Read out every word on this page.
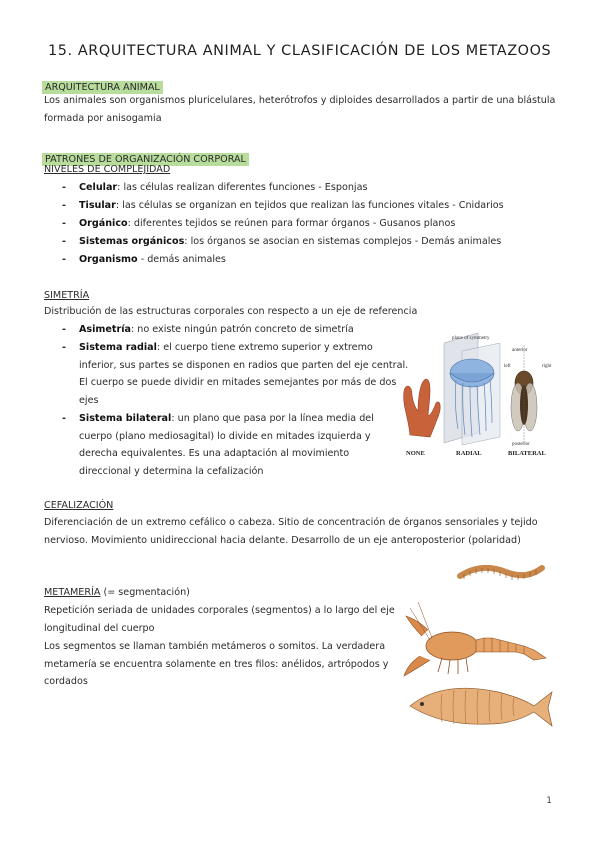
15. ARQUITECTURA ANIMAL Y CLASIFICACIÓN DE LOS METAZOOS
ARQUITECTURA ANIMAL
Los animales son organismos pluricelulares, heterótrofos y diploides desarrollados a partir de una blástula formada por anisogamia
PATRONES DE ORGANIZACIÓN CORPORAL
NIVELES DE COMPLEJIDAD
- Celular: las células realizan diferentes funciones - Esponjas
- Tisular: las células se organizan en tejidos que realizan las funciones vitales - Cnidarios
- Orgánico: diferentes tejidos se reúnen para formar órganos - Gusanos planos
- Sistemas orgánicos: los órganos se asocian en sistemas complejos - Demás animales
- Organismo - demás animales
SIMETRÍA
Distribución de las estructuras corporales con respecto a un eje de referencia
- Asimetría: no existe ningún patrón concreto de simetría
- Sistema radial: el cuerpo tiene extremo superior y extremo inferior, sus partes se disponen en radios que parten del eje central. El cuerpo se puede dividir en mitades semejantes por más de dos ejes
- Sistema bilateral: un plano que pasa por la línea media del cuerpo (plano mediosagital) lo divide en mitades izquierda y derecha equivalentes. Es una adaptación al movimiento direccional y determina la cefalización
plane of symmetry
anterior
left	right
posterior
NONE	RADIAL	BILATERAL
CEFALIZACIÓN
Diferenciación de un extremo cefálico o cabeza. Sitio de concentración de órganos sensoriales y tejido nervioso. Movimiento unidireccional hacia delante. Desarrollo de un eje anteroposterior (polaridad)
METAMERÍA (= segmentación)
Repetición seriada de unidades corporales (segmentos) a lo largo del eje longitudinal del cuerpo
Los segmentos se llaman también metámeros o somitos. La verdadera metamería se encuentra solamente en tres filos: anélidos, artrópodos y cordados
1
